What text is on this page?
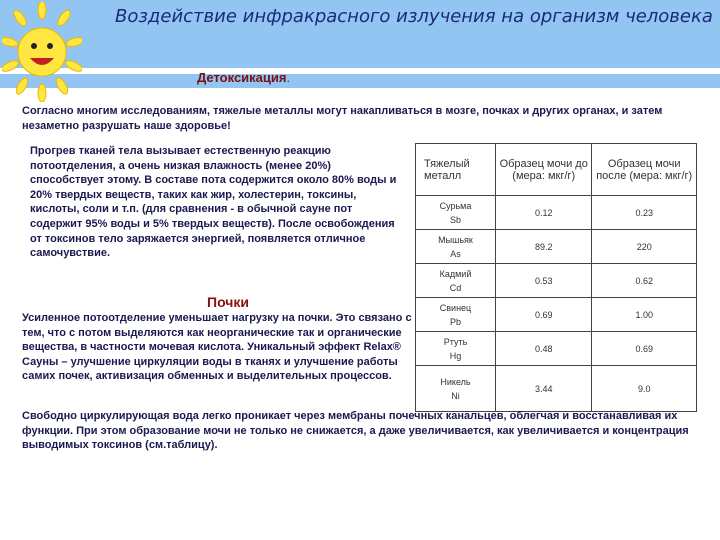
Воздействие инфракрасного излучения на организм человека
Детоксикация.
Согласно многим исследованиям, тяжелые металлы могут накапливаться в мозге, почках и других органах, и затем незаметно разрушать наше здоровье!
Прогрев тканей тела вызывает естественную реакцию потоотделения, а очень низкая влажность (менее 20%) способствует этому. В составе пота содержится около 80% воды и 20% твердых веществ, таких как жир, холестерин, токсины, кислоты, соли и т.п. (для сравнения - в обычной сауне пот содержит 95% воды и 5% твердых веществ). После освобождения от токсинов тело заряжается энергией, появляется отличное самочувствие.
Почки
Усиленное потоотделение уменьшает нагрузку на почки. Это связано с тем, что с потом выделяются как неорганические так и органические вещества, в частности мочевая кислота. Уникальный эффект Relax® Сауны – улучшение циркуляции воды в тканях и улучшение работы самих почек, активизация обменных и выделительных процессов.
Тяжелый металл	Образец мочи до (мера: мкг/г)	Образец мочи после (мера: мкг/г)
Сурьма
Sb	0.12	0.23
Мышьяк
As	89.2	220
Кадмий
Cd	0.53	0.62
Свинец
Pb	0.69	1.00
Ртуть
Hg	0.48	0.69
Никель
Ni	3.44	9.0
Свободно циркулирующая вода легко проникает через мембраны почечных канальцев, облегчая и восстанавливая их функции. При этом образование мочи не только не снижается, а даже увеличивается, как увеличивается и концентрация выводимых токсинов (см.таблицу).
